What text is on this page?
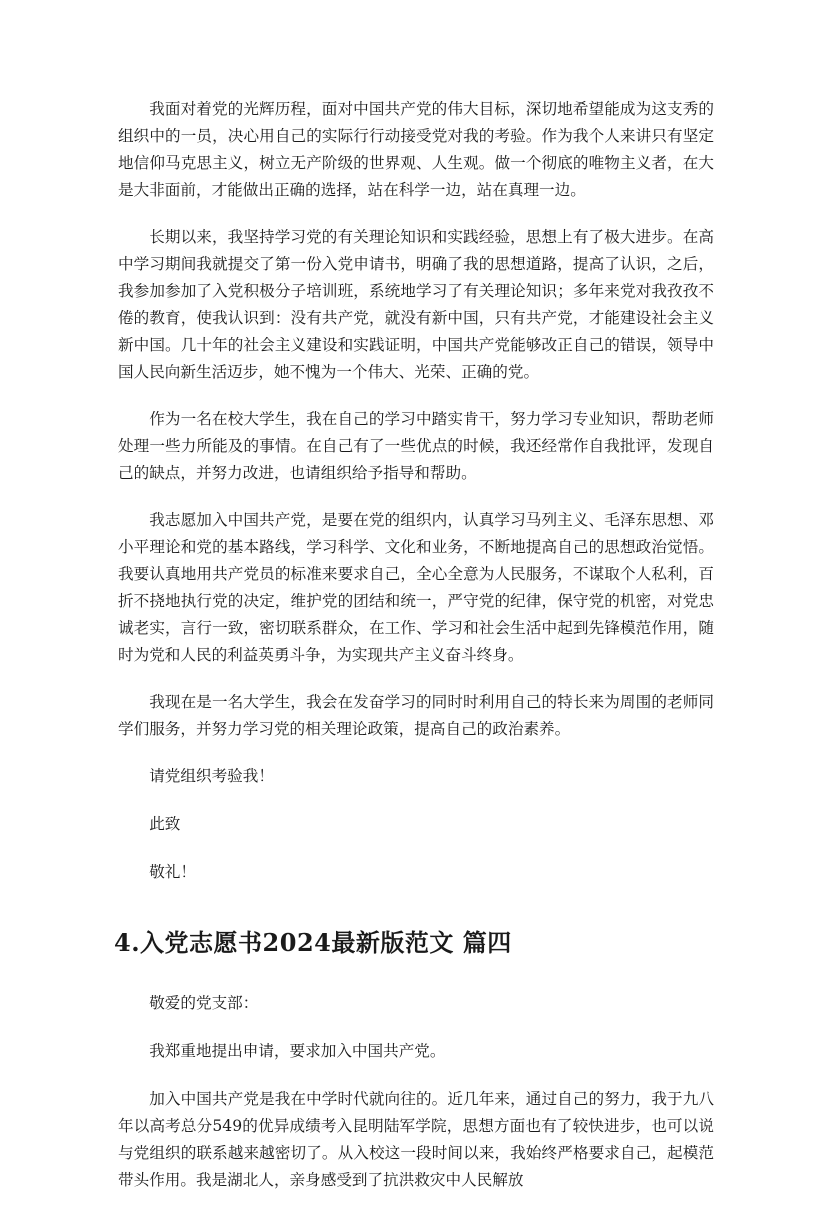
我面对着党的光辉历程，面对中国共产党的伟大目标，深切地希望能成为这支秀的组织中的一员，决心用自己的实际行行动接受党对我的考验。作为我个人来讲只有坚定地信仰马克思主义，树立无产阶级的世界观、人生观。做一个彻底的唯物主义者，在大是大非面前，才能做出正确的选择，站在科学一边，站在真理一边。

长期以来，我坚持学习党的有关理论知识和实践经验，思想上有了极大进步。在高中学习期间我就提交了第一份入党申请书，明确了我的思想道路，提高了认识，之后，我参加参加了入党积极分子培训班，系统地学习了有关理论知识；多年来党对我孜孜不倦的教育，使我认识到：没有共产党，就没有新中国，只有共产党，才能建设社会主义新中国。几十年的社会主义建设和实践证明，中国共产党能够改正自己的错误，领导中国人民向新生活迈步，她不愧为一个伟大、光荣、正确的党。

作为一名在校大学生，我在自己的学习中踏实肯干，努力学习专业知识，帮助老师处理一些力所能及的事情。在自己有了一些优点的时候，我还经常作自我批评，发现自己的缺点，并努力改进，也请组织给予指导和帮助。

我志愿加入中国共产党，是要在党的组织内，认真学习马列主义、毛泽东思想、邓小平理论和党的基本路线，学习科学、文化和业务，不断地提高自己的思想政治觉悟。我要认真地用共产党员的标准来要求自己，全心全意为人民服务，不谋取个人私利，百折不挠地执行党的决定，维护党的团结和统一，严守党的纪律，保守党的机密，对党忠诚老实，言行一致，密切联系群众，在工作、学习和社会生活中起到先锋模范作用，随时为党和人民的利益英勇斗争，为实现共产主义奋斗终身。

我现在是一名大学生，我会在发奋学习的同时时利用自己的特长来为周围的老师同学们服务，并努力学习党的相关理论政策，提高自己的政治素养。

请党组织考验我！

此致

敬礼！

4.入党志愿书2024最新版范文 篇四

敬爱的党支部：

我郑重地提出申请，要求加入中国共产党。

加入中国共产党是我在中学时代就向往的。近几年来，通过自己的努力，我于九八年以高考总分549的优异成绩考入昆明陆军学院，思想方面也有了较快进步，也可以说与党组织的联系越来越密切了。从入校这一段时间以来，我始终严格要求自己，起模范带头作用。我是湖北人，亲身感受到了抗洪救灾中人民解放
